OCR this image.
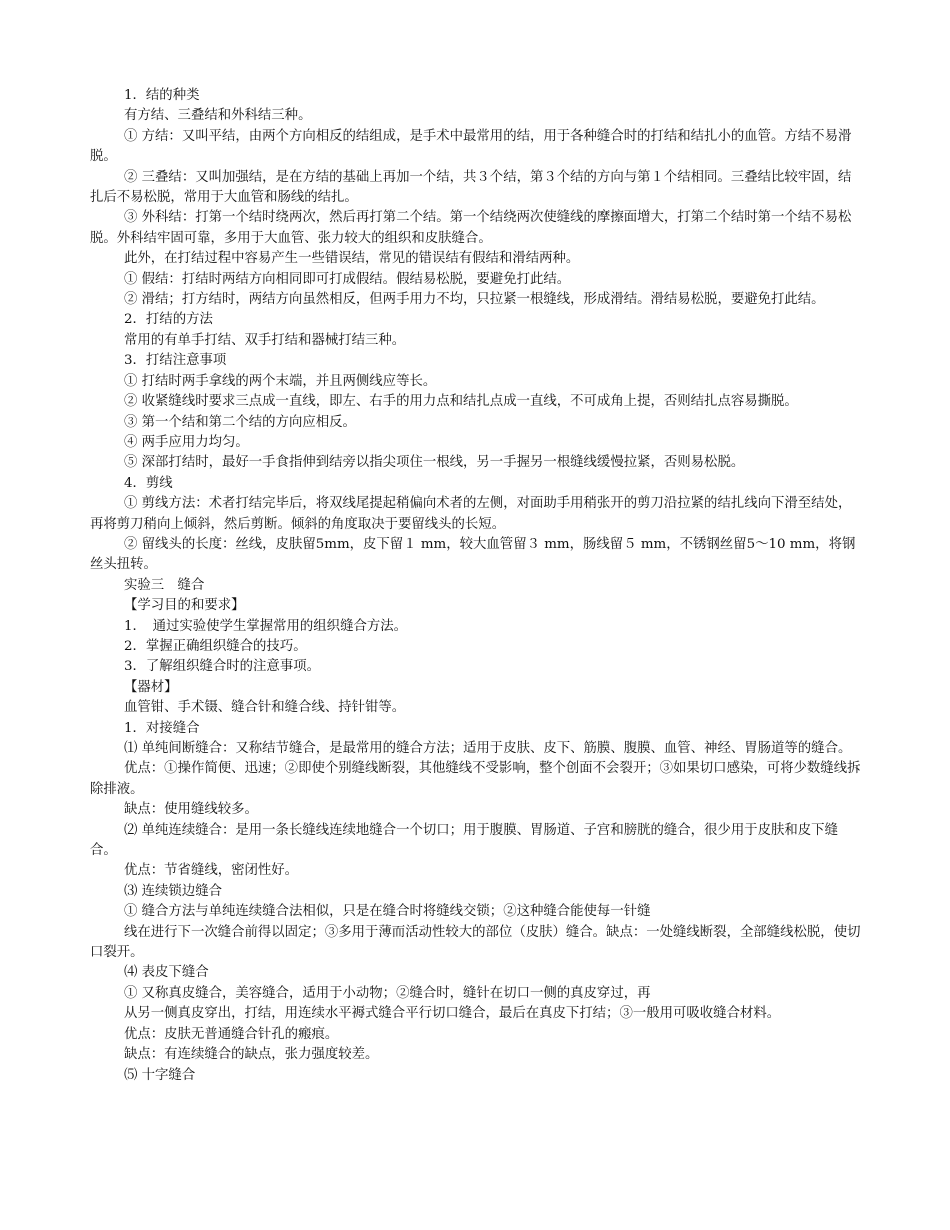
1．结的种类

有方结、三叠结和外科结三种。

① 方结：又叫平结，由两个方向相反的结组成，是手术中最常用的结，用于各种缝合时的打结和结扎小的血管。方结不易滑脱。

② 三叠结：又叫加强结，是在方结的基础上再加一个结，共３个结，第３个结的方向与第１个结相同。三叠结比较牢固，结扎后不易松脱，常用于大血管和肠线的结扎。

③ 外科结：打第一个结时绕两次，然后再打第二个结。第一个结绕两次使缝线的摩擦面增大，打第二个结时第一个结不易松脱。外科结牢固可靠，多用于大血管、张力较大的组织和皮肤缝合。

此外，在打结过程中容易产生一些错误结，常见的错误结有假结和滑结两种。

① 假结：打结时两结方向相同即可打成假结。假结易松脱，要避免打此结。

② 滑结；打方结时，两结方向虽然相反，但两手用力不均，只拉紧一根缝线，形成滑结。滑结易松脱，要避免打此结。

2．打结的方法

常用的有单手打结、双手打结和器械打结三种。

3．打结注意事项

① 打结时两手拿线的两个末端，并且两侧线应等长。

② 收紧缝线时要求三点成一直线，即左、右手的用力点和结扎点成一直线，不可成角上提，否则结扎点容易撕脱。

③ 第一个结和第二个结的方向应相反。

④ 两手应用力均匀。

⑤ 深部打结时，最好一手食指伸到结旁以指尖项住一根线，另一手握另一根缝线缓慢拉紧，否则易松脱。

4．剪线

① 剪线方法：术者打结完毕后，将双线尾提起稍偏向术者的左侧，对面助手用稍张开的剪刀沿拉紧的结扎线向下滑至结处，再将剪刀稍向上倾斜，然后剪断。倾斜的角度取决于要留线头的长短。

② 留线头的长度：丝线，皮肤留5mm，皮下留１ mm，较大血管留３ mm，肠线留５ mm，不锈钢丝留5～10 mm，将钢丝头扭转。

实验三　缝合

【学习目的和要求】

1．　通过实验使学生掌握常用的组织缝合方法。

2．掌握正确组织缝合的技巧。

3．了解组织缝合时的注意事项。

【器材】

血管钳、手术镊、缝合针和缝合线、持针钳等。

1．对接缝合

⑴ 单纯间断缝合：又称结节缝合，是最常用的缝合方法；适用于皮肤、皮下、筋膜、腹膜、血管、神经、胃肠道等的缝合。

优点：①操作简便、迅速；②即使个别缝线断裂，其他缝线不受影响，整个创面不会裂开；③如果切口感染，可将少数缝线拆除排液。

缺点：使用缝线较多。

⑵ 单纯连续缝合：是用一条长缝线连续地缝合一个切口；用于腹膜、胃肠道、子宫和膀胱的缝合，很少用于皮肤和皮下缝合。

优点：节省缝线，密闭性好。

⑶ 连续锁边缝合

① 缝合方法与单纯连续缝合法相似，只是在缝合时将缝线交锁；②这种缝合能使每一针缝

线在进行下一次缝合前得以固定；③多用于薄而活动性较大的部位（皮肤）缝合。缺点：一处缝线断裂，全部缝线松脱，使切口裂开。

⑷ 表皮下缝合

① 又称真皮缝合，美容缝合，适用于小动物；②缝合时，缝针在切口一侧的真皮穿过，再

从另一侧真皮穿出，打结，用连续水平褥式缝合平行切口缝合，最后在真皮下打结；③一般用可吸收缝合材料。

优点：皮肤无普通缝合针孔的瘢痕。

缺点：有连续缝合的缺点，张力强度较差。

⑸ 十字缝合
